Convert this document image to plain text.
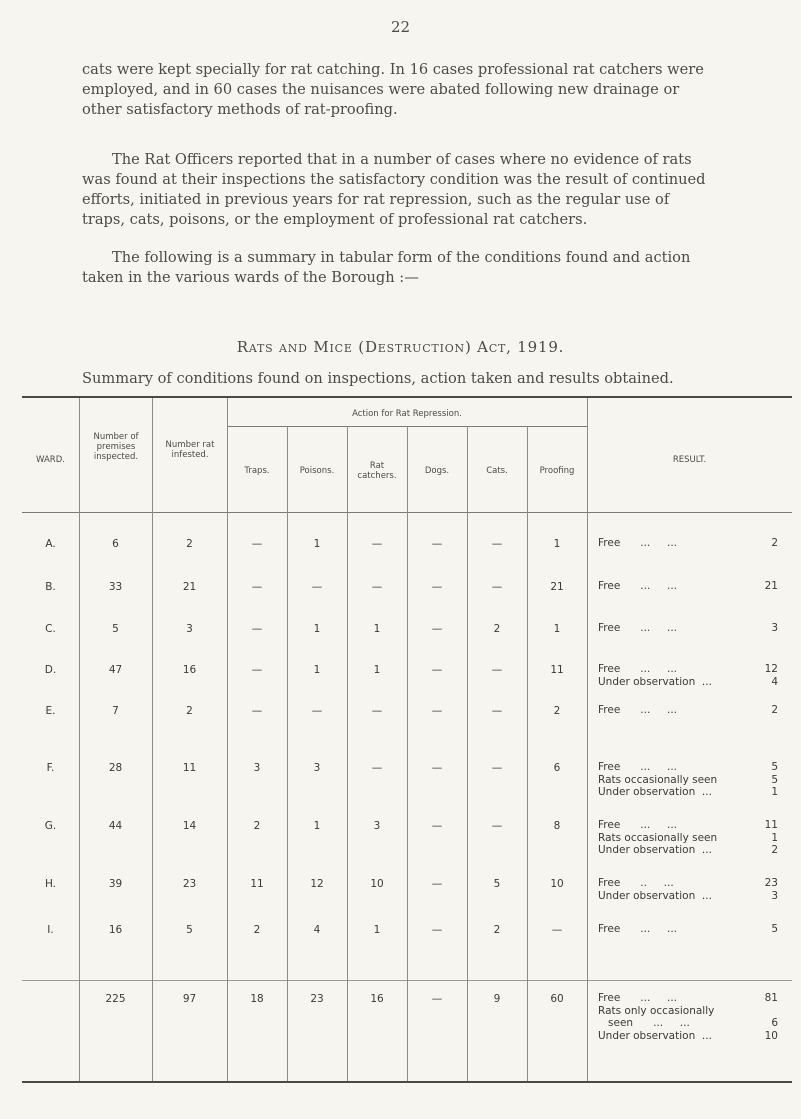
22

cats were kept specially for rat catching. In 16 cases professional rat catchers were employed, and in 60 cases the nuisances were abated following new drainage or other satisfactory methods of rat-proofing.

The Rat Officers reported that in a number of cases where no evidence of rats was found at their inspections the satisfactory condition was the result of continued efforts, initiated in previous years for rat repression, such as the regular use of traps, cats, poisons, or the employment of professional rat catchers.

The following is a summary in tabular form of the conditions found and action taken in the various wards of the Borough :—

Rats and Mice (Destruction) Act, 1919.
Summary of conditions found on inspections, action taken and results obtained.
WARD.
Number of premises inspected.
Number rat infested.
Action for Rat Repression.
Traps.	Poisons.	Rat catchers.	Dogs.	Cats.	Proofing
RESULT.
A.	6	2	—	1	—	—	—	1	Free      ...     ...	2
B.	33	21	—	—	—	—	—	21	Free      ...     ...	21
C.	5	3	—	1	1	—	2	1	Free      ...     ...	3
D.	47	16	—	1	1	—	—	11	Free      ...     ...	12
Under observation  ...	4
E.	7	2	—	—	—	—	—	2	Free      ...     ...	2
F.	28	11	3	3	—	—	—	6	Free      ...     ...	5
Rats occasionally seen	5
Under observation  ...	1
G.	44	14	2	1	3	—	—	8	Free      ...     ...	11
Rats occasionally seen	1
Under observation  ...	2
H.	39	23	11	12	10	—	5	10	Free      ..     ...	23
Under observation  ...	3
I.	16	5	2	4	1	—	2	—	Free      ...     ...	5
225	97	18	23	16	—	9	60	Free      ...     ...	81
Rats only occasionally
seen      ...     ...	6
Under observation  ...	10
